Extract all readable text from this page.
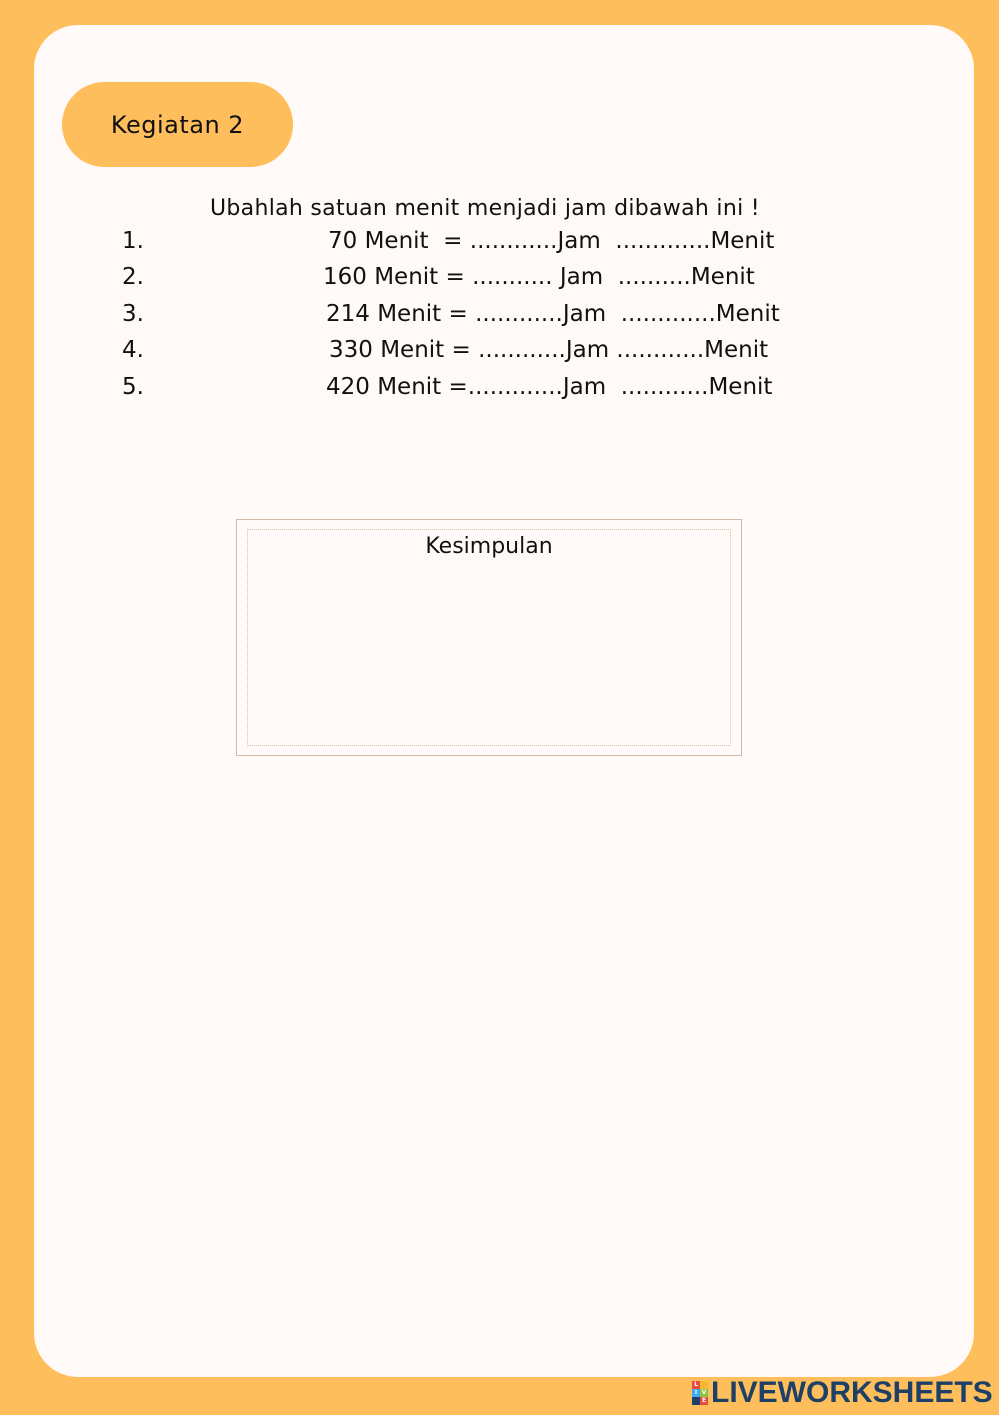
Kegiatan 2
Ubahlah satuan menit menjadi jam dibawah ini !
1.	70 Menit  = ............Jam  .............Menit
2.	160 Menit = ........... Jam  ..........Menit
3.	214 Menit = ............Jam  .............Menit
4.	330 Menit = ............Jam ............Menit
5.	420 Menit =.............Jam  ............Menit
Kesimpulan
L
I V
E LIVEWORKSHEETS
